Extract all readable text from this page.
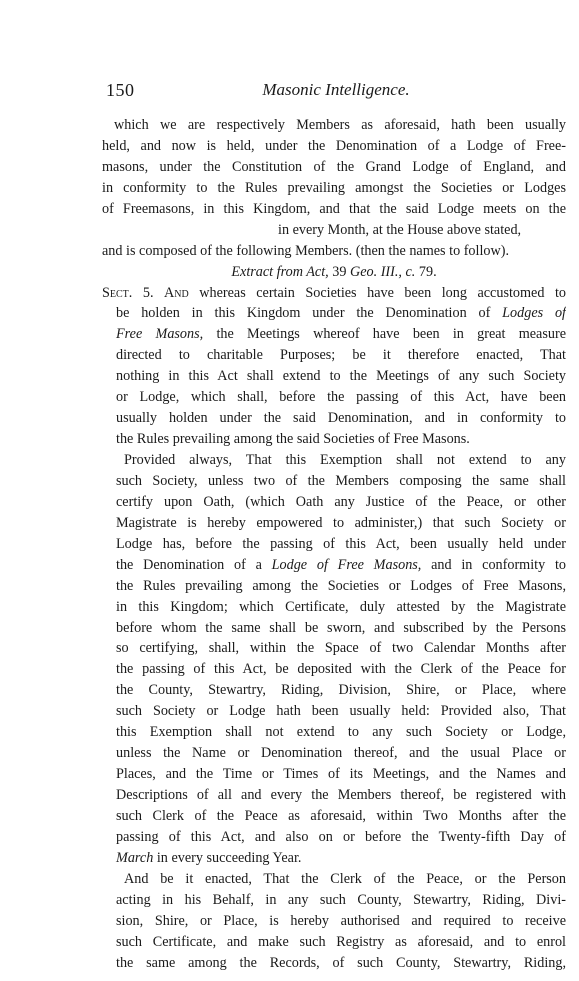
150	Masonic Intelligence.
which we are respectively Members as aforesaid, hath been usually
held, and now is held, under the Denomination of a Lodge of Free-
masons, under the Constitution of the Grand Lodge of England, and
in conformity to the Rules prevailing amongst the Societies or Lodges
of Freemasons, in this Kingdom, and that the said Lodge meets on the
in every Month, at the House above stated,
and is composed of the following Members. (then the names to follow).
Extract from Act, 39 Geo. III., c. 79.
Sect. 5. And whereas certain Societies have been long accustomed to
be holden in this Kingdom under the Denomination of Lodges of
Free Masons, the Meetings whereof have been in great measure
directed to charitable Purposes; be it therefore enacted, That
nothing in this Act shall extend to the Meetings of any such Society
or Lodge, which shall, before the passing of this Act, have been
usually holden under the said Denomination, and in conformity to
the Rules prevailing among the said Societies of Free Masons.
Provided always, That this Exemption shall not extend to any
such Society, unless two of the Members composing the same shall
certify upon Oath, (which Oath any Justice of the Peace, or other
Magistrate is hereby empowered to administer,) that such Society or
Lodge has, before the passing of this Act, been usually held under
the Denomination of a Lodge of Free Masons, and in conformity to
the Rules prevailing among the Societies or Lodges of Free Masons,
in this Kingdom; which Certificate, duly attested by the Magistrate
before whom the same shall be sworn, and subscribed by the Persons
so certifying, shall, within the Space of two Calendar Months after
the passing of this Act, be deposited with the Clerk of the Peace for
the County, Stewartry, Riding, Division, Shire, or Place, where
such Society or Lodge hath been usually held: Provided also, That
this Exemption shall not extend to any such Society or Lodge,
unless the Name or Denomination thereof, and the usual Place or
Places, and the Time or Times of its Meetings, and the Names and
Descriptions of all and every the Members thereof, be registered with
such Clerk of the Peace as aforesaid, within Two Months after the
passing of this Act, and also on or before the Twenty-fifth Day of
March in every succeeding Year.
And be it enacted, That the Clerk of the Peace, or the Person
acting in his Behalf, in any such County, Stewartry, Riding, Divi-
sion, Shire, or Place, is hereby authorised and required to receive
such Certificate, and make such Registry as aforesaid, and to enrol
the same among the Records, of such County, Stewartry, Riding,
